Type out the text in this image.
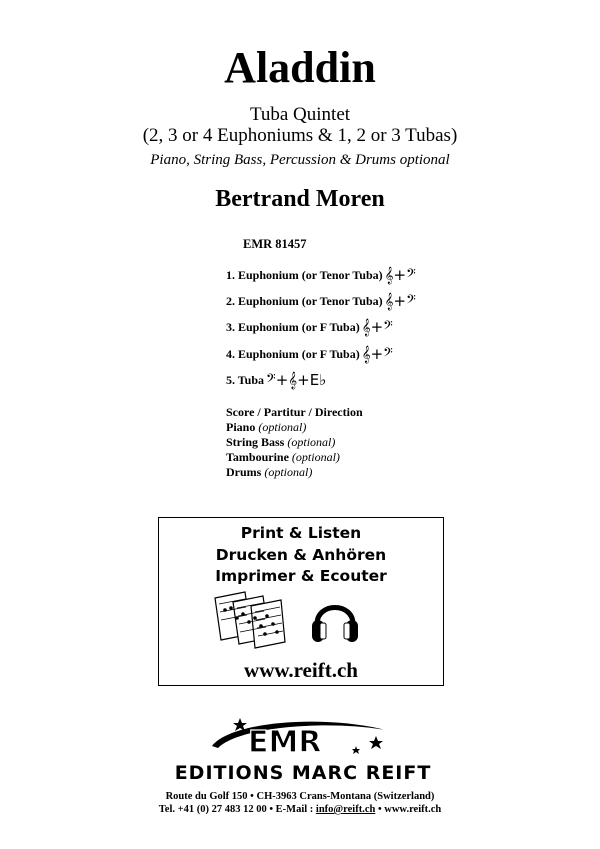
Aladdin
Tuba Quintet
(2, 3 or 4 Euphoniums & 1, 2 or 3 Tubas)
Piano, String Bass, Percussion & Drums optional
Bertrand Moren
EMR 81457
1. Euphonium (or Tenor Tuba) 𝄞+𝄢
2. Euphonium (or Tenor Tuba) 𝄞+𝄢
3. Euphonium (or F Tuba) 𝄞+𝄢
4. Euphonium (or F Tuba) 𝄞+𝄢
5. Tuba 𝄢+𝄞+E♭
Score / Partitur / Direction
Piano (optional)
String Bass (optional)
Tambourine (optional)
Drums (optional)
Print & Listen
Drucken & Anhören
Imprimer & Ecouter
www.reift.ch
EMR
EDITIONS MARC REIFT
Route du Golf 150 • CH-3963 Crans-Montana (Switzerland)
Tel. +41 (0) 27 483 12 00 • E-Mail : info@reift.ch • www.reift.ch
